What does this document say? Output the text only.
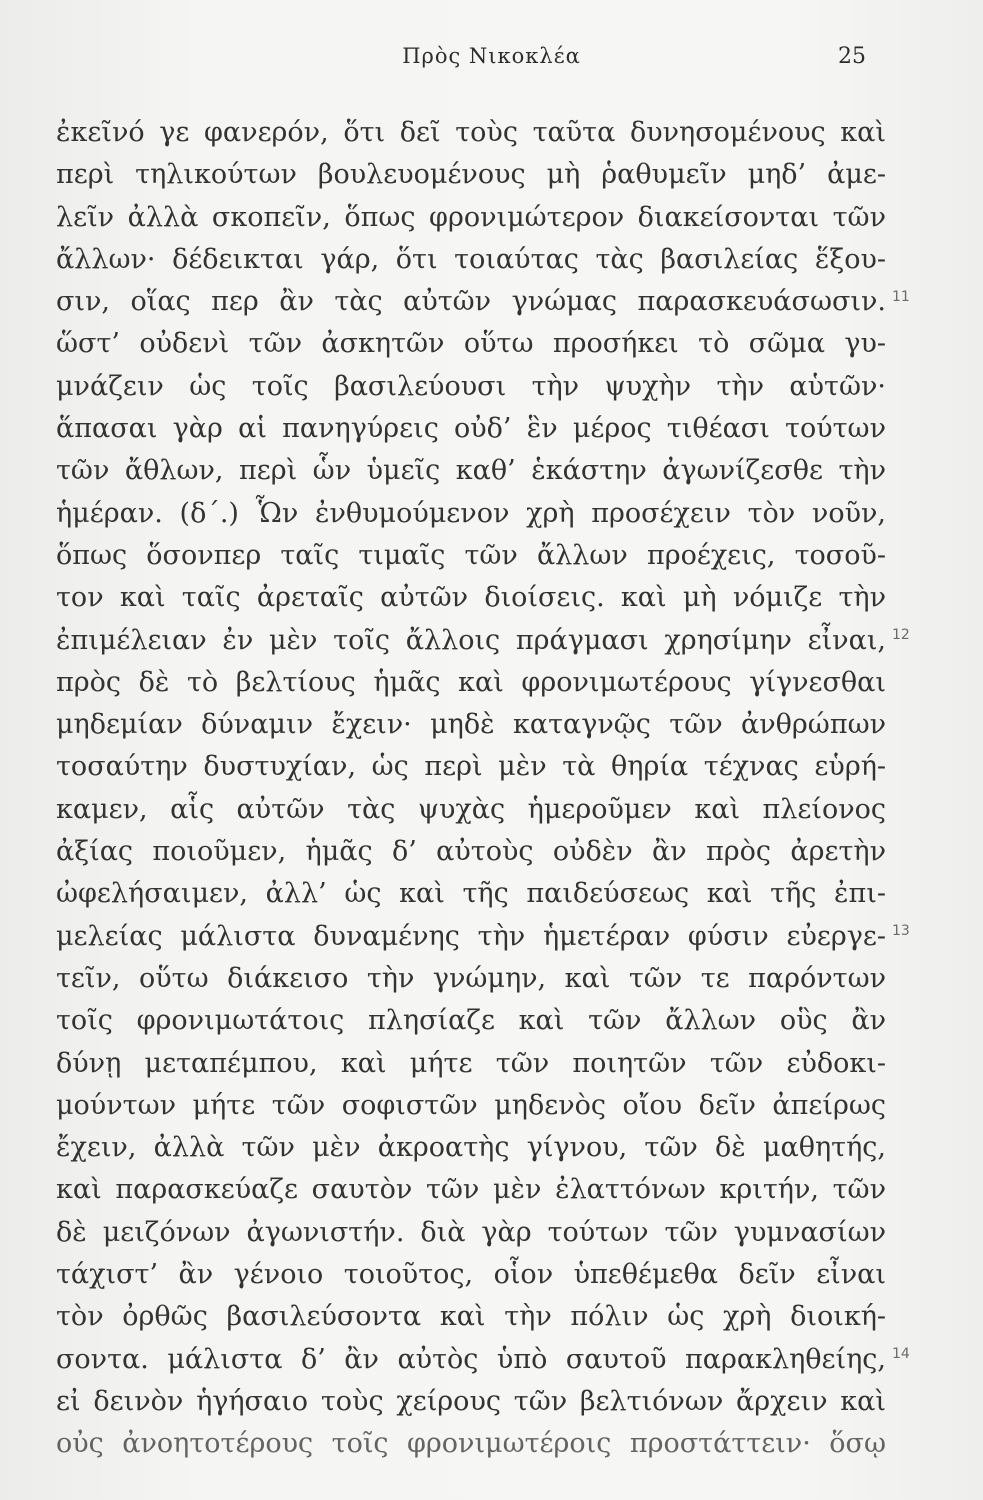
Πρὸς Νικοκλέα	25
ἐκεῖνό γε φανερόν, ὅτι δεῖ τοὺς ταῦτα δυνησομένους καὶ
περὶ τηλικούτων βουλευομένους μὴ ῥαθυμεῖν μηδ’ ἀμε-
λεῖν ἀλλὰ σκοπεῖν, ὅπως φρονιμώτερον διακείσονται τῶν
ἄλλων· δέδεικται γάρ, ὅτι τοιαύτας τὰς βασιλείας ἕξου-
σιν, οἵας περ ἂν τὰς αὐτῶν γνώμας παρασκευάσωσιν.
ὥστ’ οὐδενὶ τῶν ἀσκητῶν οὕτω προσήκει τὸ σῶμα γυ-
μνάζειν ὡς τοῖς βασιλεύουσι τὴν ψυχὴν τὴν αὑτῶν·
ἅπασαι γὰρ αἱ πανηγύρεις οὐδ’ ἓν μέρος τιθέασι τούτων
τῶν ἄθλων, περὶ ὧν ὑμεῖς καθ’ ἑκάστην ἀγωνίζεσθε τὴν
ἡμέραν. (δ΄.) Ὧν ἐνθυμούμενον χρὴ προσέχειν τὸν νοῦν,
ὅπως ὅσονπερ ταῖς τιμαῖς τῶν ἄλλων προέχεις, τοσοῦ-
τον καὶ ταῖς ἀρεταῖς αὐτῶν διοίσεις. καὶ μὴ νόμιζε τὴν
ἐπιμέλειαν ἐν μὲν τοῖς ἄλλοις πράγμασι χρησίμην εἶναι,
πρὸς δὲ τὸ βελτίους ἡμᾶς καὶ φρονιμωτέρους γίγνεσθαι
μηδεμίαν δύναμιν ἔχειν· μηδὲ καταγνῷς τῶν ἀνθρώπων
τοσαύτην δυστυχίαν, ὡς περὶ μὲν τὰ θηρία τέχνας εὑρή-
καμεν, αἷς αὐτῶν τὰς ψυχὰς ἡμεροῦμεν καὶ πλείονος
ἀξίας ποιοῦμεν, ἡμᾶς δ’ αὐτοὺς οὐδὲν ἂν πρὸς ἀρετὴν
ὠφελήσαιμεν, ἀλλ’ ὡς καὶ τῆς παιδεύσεως καὶ τῆς ἐπι-
μελείας μάλιστα δυναμένης τὴν ἡμετέραν φύσιν εὐεργε-
τεῖν, οὕτω διάκεισο τὴν γνώμην, καὶ τῶν τε παρόντων
τοῖς φρονιμωτάτοις πλησίαζε καὶ τῶν ἄλλων οὓς ἂν
δύνῃ μεταπέμπου, καὶ μήτε τῶν ποιητῶν τῶν εὐδοκι-
μούντων μήτε τῶν σοφιστῶν μηδενὸς οἴου δεῖν ἀπείρως
ἔχειν, ἀλλὰ τῶν μὲν ἀκροατὴς γίγνου, τῶν δὲ μαθητής,
καὶ παρασκεύαζε σαυτὸν τῶν μὲν ἐλαττόνων κριτήν, τῶν
δὲ μειζόνων ἀγωνιστήν. διὰ γὰρ τούτων τῶν γυμνασίων
τάχιστ’ ἂν γένοιο τοιοῦτος, οἷον ὑπεθέμεθα δεῖν εἶναι
τὸν ὀρθῶς βασιλεύσοντα καὶ τὴν πόλιν ὡς χρὴ διοική-
σοντα. μάλιστα δ’ ἂν αὐτὸς ὑπὸ σαυτοῦ παρακληθείης,
εἰ δεινὸν ἡγήσαιο τοὺς χείρους τῶν βελτιόνων ἄρχειν καὶ
οὐς ἀνοητοτέρους τοῖς φρονιμωτέροις προστάττειν· ὅσῳ
11
12
13
14
